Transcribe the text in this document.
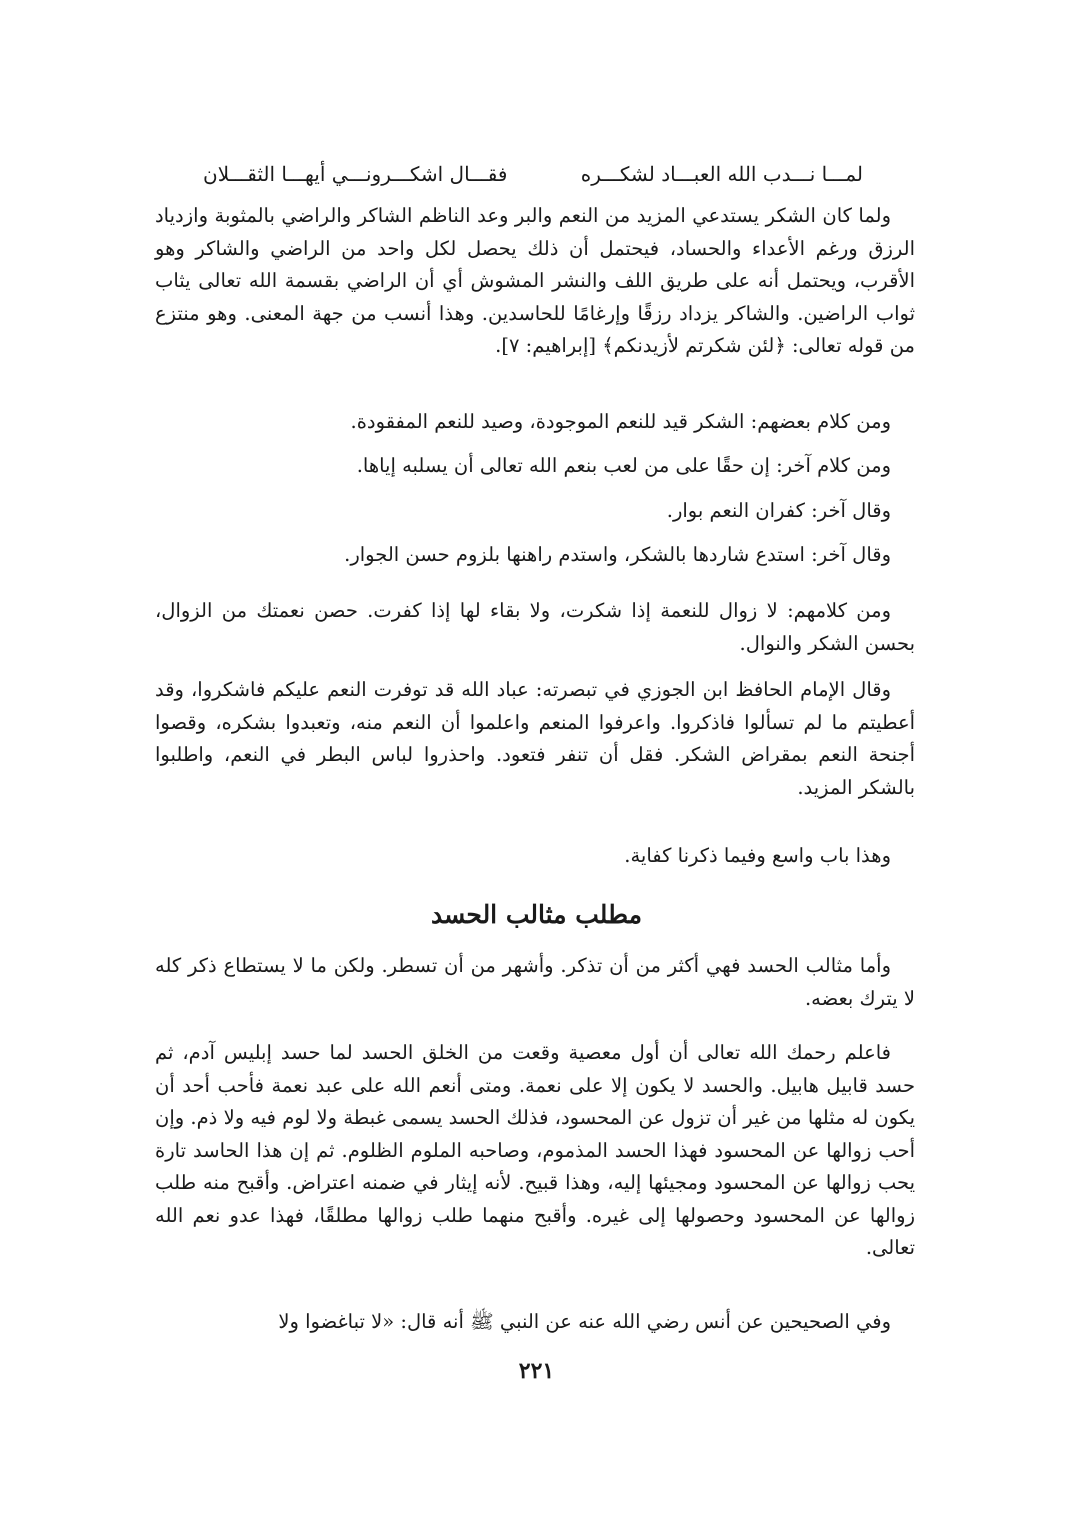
لمـــا نـــدب الله العبـــاد لشكـــره
فقـــال اشكـــرونـــي أيهـــا الثقـــلان

ولما كان الشكر يستدعي المزيد من النعم والبر وعد الناظم الشاكر والراضي بالمثوبة وازدياد الرزق ورغم الأعداء والحساد، فيحتمل أن ذلك يحصل لكل واحد من الراضي والشاكر وهو الأقرب، ويحتمل أنه على طريق اللف والنشر المشوش أي أن الراضي بقسمة الله تعالى يثاب ثواب الراضين. والشاكر يزداد رزقًا وإرغامًا للحاسدين. وهذا أنسب من جهة المعنى. وهو منتزع من قوله تعالى: ﴿لئن شكرتم لأزيدنكم﴾ [إبراهيم: ٧].

ومن كلام بعضهم: الشكر قيد للنعم الموجودة، وصيد للنعم المفقودة.

ومن كلام آخر: إن حقًا على من لعب بنعم الله تعالى أن يسلبه إياها.

وقال آخر: كفران النعم بوار.

وقال آخر: استدع شاردها بالشكر، واستدم راهنها بلزوم حسن الجوار.

ومن كلامهم: لا زوال للنعمة إذا شكرت، ولا بقاء لها إذا كفرت. حصن نعمتك من الزوال، بحسن الشكر والنوال.

وقال الإمام الحافظ ابن الجوزي في تبصرته: عباد الله قد توفرت النعم عليكم فاشكروا، وقد أعطيتم ما لم تسألوا فاذكروا. واعرفوا المنعم واعلموا أن النعم منه، وتعبدوا بشكره، وقصوا أجنحة النعم بمقراض الشكر. فقل أن تنفر فتعود. واحذروا لباس البطر في النعم، واطلبوا بالشكر المزيد.

وهذا باب واسع وفيما ذكرنا كفاية.

مطلب مثالب الحسد

وأما مثالب الحسد فهي أكثر من أن تذكر. وأشهر من أن تسطر. ولكن ما لا يستطاع ذكر كله لا يترك بعضه.

فاعلم رحمك الله تعالى أن أول معصية وقعت من الخلق الحسد لما حسد إبليس آدم، ثم حسد قابيل هابيل. والحسد لا يكون إلا على نعمة. ومتى أنعم الله على عبد نعمة فأحب أحد أن يكون له مثلها من غير أن تزول عن المحسود، فذلك الحسد يسمى غبطة ولا لوم فيه ولا ذم. وإن أحب زوالها عن المحسود فهذا الحسد المذموم، وصاحبه الملوم الظلوم. ثم إن هذا الحاسد تارة يحب زوالها عن المحسود ومجيئها إليه، وهذا قبيح. لأنه إيثار في ضمنه اعتراض. وأقبح منه طلب زوالها عن المحسود وحصولها إلى غيره. وأقبح منهما طلب زوالها مطلقًا، فهذا عدو نعم الله تعالى.

وفي الصحيحين عن أنس رضي الله عنه عن النبي ﷺ أنه قال: «لا تباغضوا ولا

٢٢١
